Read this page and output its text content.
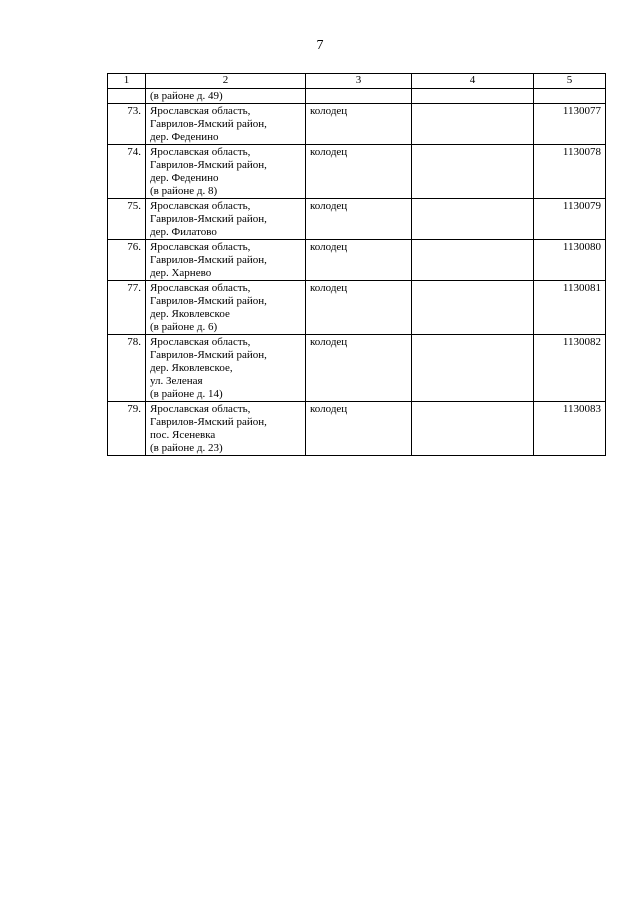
7
1	2	3	4	5

	(в районе д. 49)			

73.	Ярославская область,
Гаврилов-Ямский район,
дер. Феденино	колодец		1130077
74.	Ярославская область,
Гаврилов-Ямский район,
дер. Феденино
(в районе д. 8)	колодец		1130078
75.	Ярославская область,
Гаврилов-Ямский район,
дер. Филатово	колодец		1130079
76.	Ярославская область,
Гаврилов-Ямский район,
дер. Харнево	колодец		1130080
77.	Ярославская область,
Гаврилов-Ямский район,
дер. Яковлевское
(в районе д. 6)	колодец		1130081
78.	Ярославская область,
Гаврилов-Ямский район,
дер. Яковлевское,
ул. Зеленая
(в районе д. 14)	колодец		1130082
79.	Ярославская область,
Гаврилов-Ямский район,
пос. Ясеневка
(в районе д. 23)	колодец		1130083
